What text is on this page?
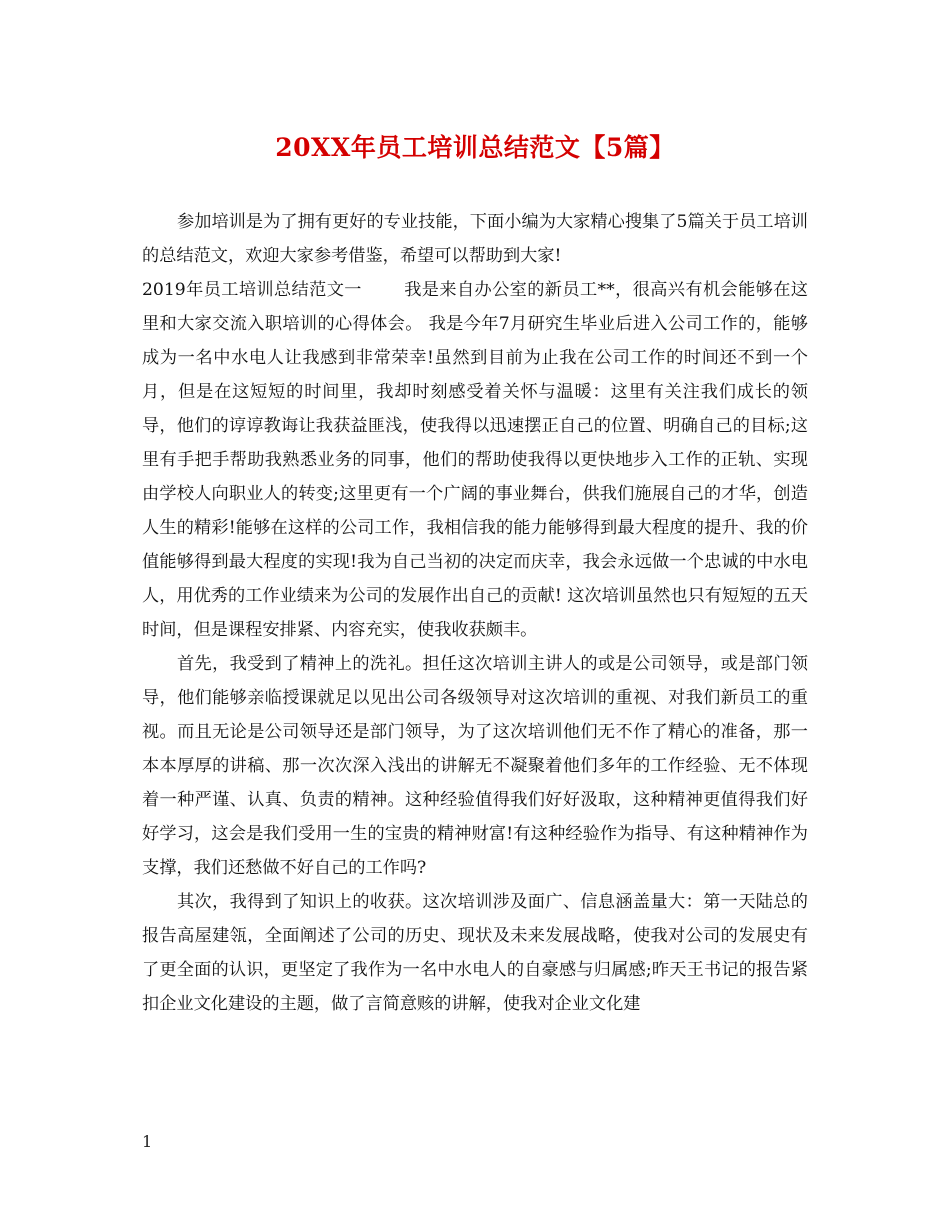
20XX年员工培训总结范文【5篇】

参加培训是为了拥有更好的专业技能，下面小编为大家精心搜集了5篇关于员工培训的总结范文，欢迎大家参考借鉴，希望可以帮助到大家!

2019年员工培训总结范文一 我是来自办公室的新员工**，很高兴有机会能够在这里和大家交流入职培训的心得体会。 我是今年7月研究生毕业后进入公司工作的，能够成为一名中水电人让我感到非常荣幸!虽然到目前为止我在公司工作的时间还不到一个月，但是在这短短的时间里，我却时刻感受着关怀与温暖：这里有关注我们成长的领导，他们的谆谆教诲让我获益匪浅，使我得以迅速摆正自己的位置、明确自己的目标;这里有手把手帮助我熟悉业务的同事，他们的帮助使我得以更快地步入工作的正轨、实现由学校人向职业人的转变;这里更有一个广阔的事业舞台，供我们施展自己的才华，创造人生的精彩!能够在这样的公司工作，我相信我的能力能够得到最大程度的提升、我的价值能够得到最大程度的实现!我为自己当初的决定而庆幸，我会永远做一个忠诚的中水电人，用优秀的工作业绩来为公司的发展作出自己的贡献! 这次培训虽然也只有短短的五天时间，但是课程安排紧、内容充实，使我收获颇丰。

首先，我受到了精神上的洗礼。担任这次培训主讲人的或是公司领导，或是部门领导，他们能够亲临授课就足以见出公司各级领导对这次培训的重视、对我们新员工的重视。而且无论是公司领导还是部门领导，为了这次培训他们无不作了精心的准备，那一本本厚厚的讲稿、那一次次深入浅出的讲解无不凝聚着他们多年的工作经验、无不体现着一种严谨、认真、负责的精神。这种经验值得我们好好汲取，这种精神更值得我们好好学习，这会是我们受用一生的宝贵的精神财富!有这种经验作为指导、有这种精神作为支撑，我们还愁做不好自己的工作吗?

其次，我得到了知识上的收获。这次培训涉及面广、信息涵盖量大：第一天陆总的报告高屋建瓴，全面阐述了公司的历史、现状及未来发展战略，使我对公司的发展史有了更全面的认识，更坚定了我作为一名中水电人的自豪感与归属感;昨天王书记的报告紧扣企业文化建设的主题，做了言简意赅的讲解，使我对企业文化建

1
